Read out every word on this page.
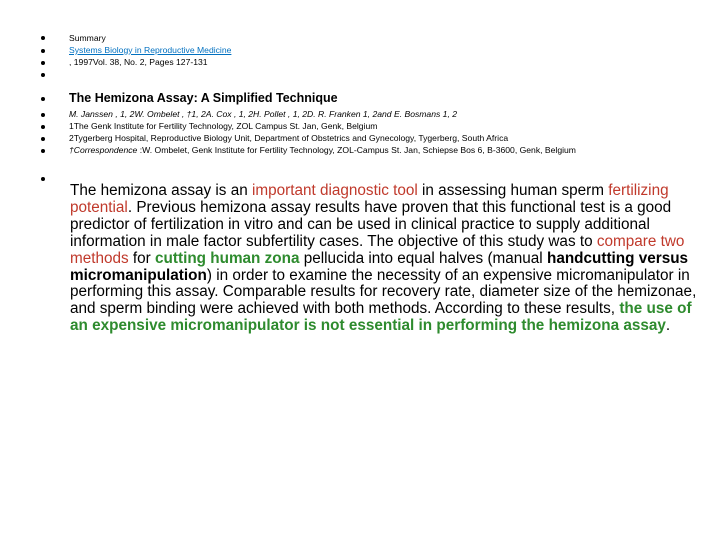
Summary
Systems Biology in Reproductive Medicine
, 1997Vol. 38, No. 2, Pages 127-131
The Hemizona Assay: A Simplified Technique
M. Janssen , 1, 2W. Ombelet , †1, 2A. Cox , 1, 2H. Pollet , 1, 2D. R. Franken 1, 2and E. Bosmans 1, 2
1The Genk Institute for Fertility Technology, ZOL Campus St. Jan, Genk, Belgium
2Tygerberg Hospital, Reproductive Biology Unit, Department of Obstetrics and Gynecology, Tygerberg, South Africa
†Correspondence :W. Ombelet, Genk Institute for Fertility Technology, ZOL-Campus St. Jan, Schiepse Bos 6, B-3600, Genk, Belgium
The hemizona assay is an important diagnostic tool in assessing human sperm fertilizing potential. Previous hemizona assay results have proven that this functional test is a good predictor of fertilization in vitro and can be used in clinical practice to supply additional information in male factor subfertility cases. The objective of this study was to compare two methods for cutting human zona pellucida into equal halves (manual handcutting versus micromanipulation) in order to examine the necessity of an expensive micromanipulator in performing this assay. Comparable results for recovery rate, diameter size of the hemizonae, and sperm binding were achieved with both methods. According to these results, the use of an expensive micromanipulator is not essential in performing the hemizona assay.
